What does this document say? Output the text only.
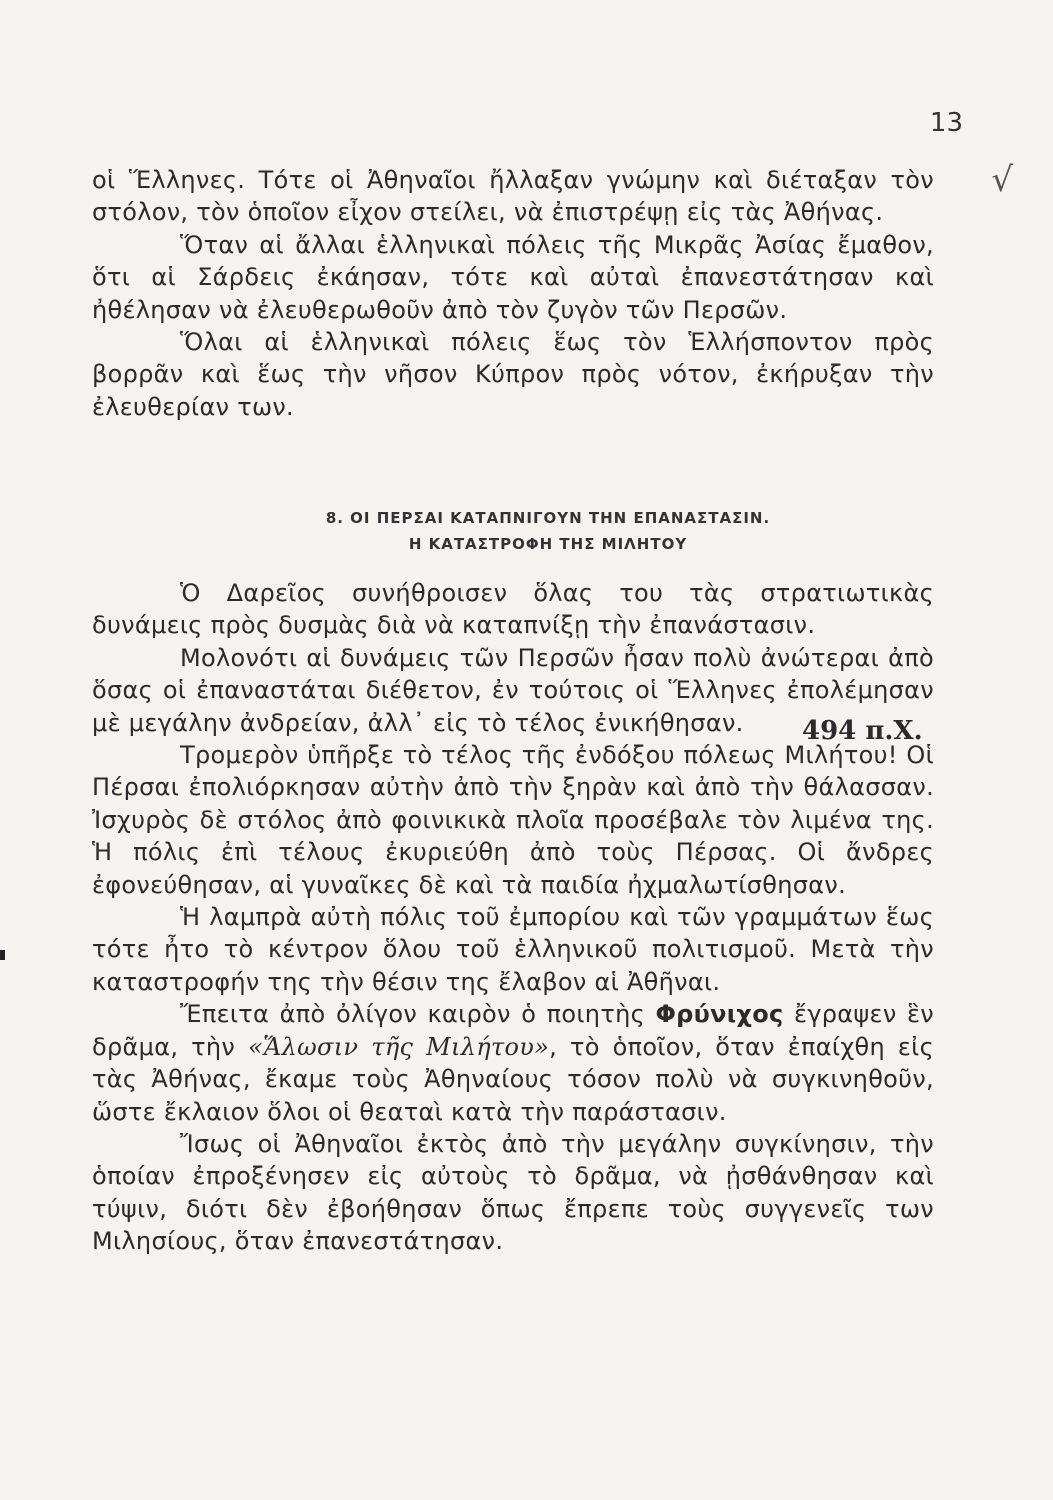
13
√

οἱ Ἕλληνες. Τότε οἱ Ἀθηναῖοι ἤλλαξαν γνώμην καὶ διέταξαν τὸν στόλον, τὸν ὁποῖον εἶχον στείλει, νὰ ἐπιστρέψῃ εἰς τὰς Ἀθήνας.

Ὅταν αἱ ἄλλαι ἑλληνικαὶ πόλεις τῆς Μικρᾶς Ἀσίας ἔμαθον, ὅτι αἱ Σάρδεις ἐκάησαν, τότε καὶ αὐταὶ ἐπανεστάτησαν καὶ ἠθέλησαν νὰ ἐλευθερωθοῦν ἀπὸ τὸν ζυγὸν τῶν Περσῶν.

Ὅλαι αἱ ἑλληνικαὶ πόλεις ἕως τὸν Ἑλλήσποντον πρὸς βορρᾶν καὶ ἕως τὴν νῆσον Κύπρον πρὸς νότον, ἐκήρυξαν τὴν ἐλευθερίαν των.

8. ΟΙ ΠΕΡΣΑΙ ΚΑΤΑΠΝΙΓΟΥΝ ΤΗΝ ΕΠΑΝΑΣΤΑΣΙΝ.
Η ΚΑΤΑΣΤΡΟΦΗ ΤΗΣ ΜΙΛΗΤΟΥ

Ὁ Δαρεῖος συνήθροισεν ὅλας του τὰς στρατιωτικὰς δυνάμεις πρὸς δυσμὰς διὰ νὰ καταπνίξῃ τὴν ἐπανάστασιν.

Μολονότι αἱ δυνάμεις τῶν Περσῶν ἦσαν πολὺ ἀνώτεραι ἀπὸ ὅσας οἱ ἐπαναστάται διέθετον, ἐν τούτοις οἱ Ἕλληνες ἐπολέμησαν μὲ μεγάλην ἀνδρείαν, ἀλλ᾽ εἰς τὸ τέλος ἐνικήθησαν.

Τρομερὸν ὑπῆρξε τὸ τέλος τῆς ἐνδόξου πόλεως Μιλήτου! Οἱ Πέρσαι ἐπολιόρκησαν αὐτὴν ἀπὸ τὴν ξηρὰν καὶ ἀπὸ τὴν θάλασσαν. Ἰσχυρὸς δὲ στόλος ἀπὸ φοινικικὰ πλοῖα προσέβαλε τὸν λιμένα της. Ἡ πόλις ἐπὶ τέλους ἐκυριεύθη ἀπὸ τοὺς Πέρσας. Οἱ ἄνδρες ἐφονεύθησαν, αἱ γυναῖκες δὲ καὶ τὰ παιδία ἠχμαλωτίσθησαν.

Ἡ λαμπρὰ αὐτὴ πόλις τοῦ ἐμπορίου καὶ τῶν γραμμάτων ἕως τότε ἦτο τὸ κέντρον ὅλου τοῦ ἑλληνικοῦ πολιτισμοῦ. Μετὰ τὴν καταστροφήν της τὴν θέσιν της ἔλαβον αἱ Ἀθῆναι.

Ἔπειτα ἀπὸ ὀλίγον καιρὸν ὁ ποιητὴς Φρύνιχος ἔγραψεν ἓν δρᾶμα, τὴν «Ἅλωσιν τῆς Μιλήτου», τὸ ὁποῖον, ὅταν ἐπαίχθη εἰς τὰς Ἀθήνας, ἔκαμε τοὺς Ἀθηναίους τόσον πολὺ νὰ συγκινηθοῦν, ὥστε ἔκλαιον ὅλοι οἱ θεαταὶ κατὰ τὴν παράστασιν.

Ἴσως οἱ Ἀθηναῖοι ἐκτὸς ἀπὸ τὴν μεγάλην συγκίνησιν, τὴν ὁποίαν ἐπροξένησεν εἰς αὐτοὺς τὸ δρᾶμα, νὰ ᾐσθάνθησαν καὶ τύψιν, διότι δὲν ἐβοήθησαν ὅπως ἔπρεπε τοὺς συγγενεῖς των Μιλησίους, ὅταν ἐπανεστάτησαν.

494 π.Χ.
